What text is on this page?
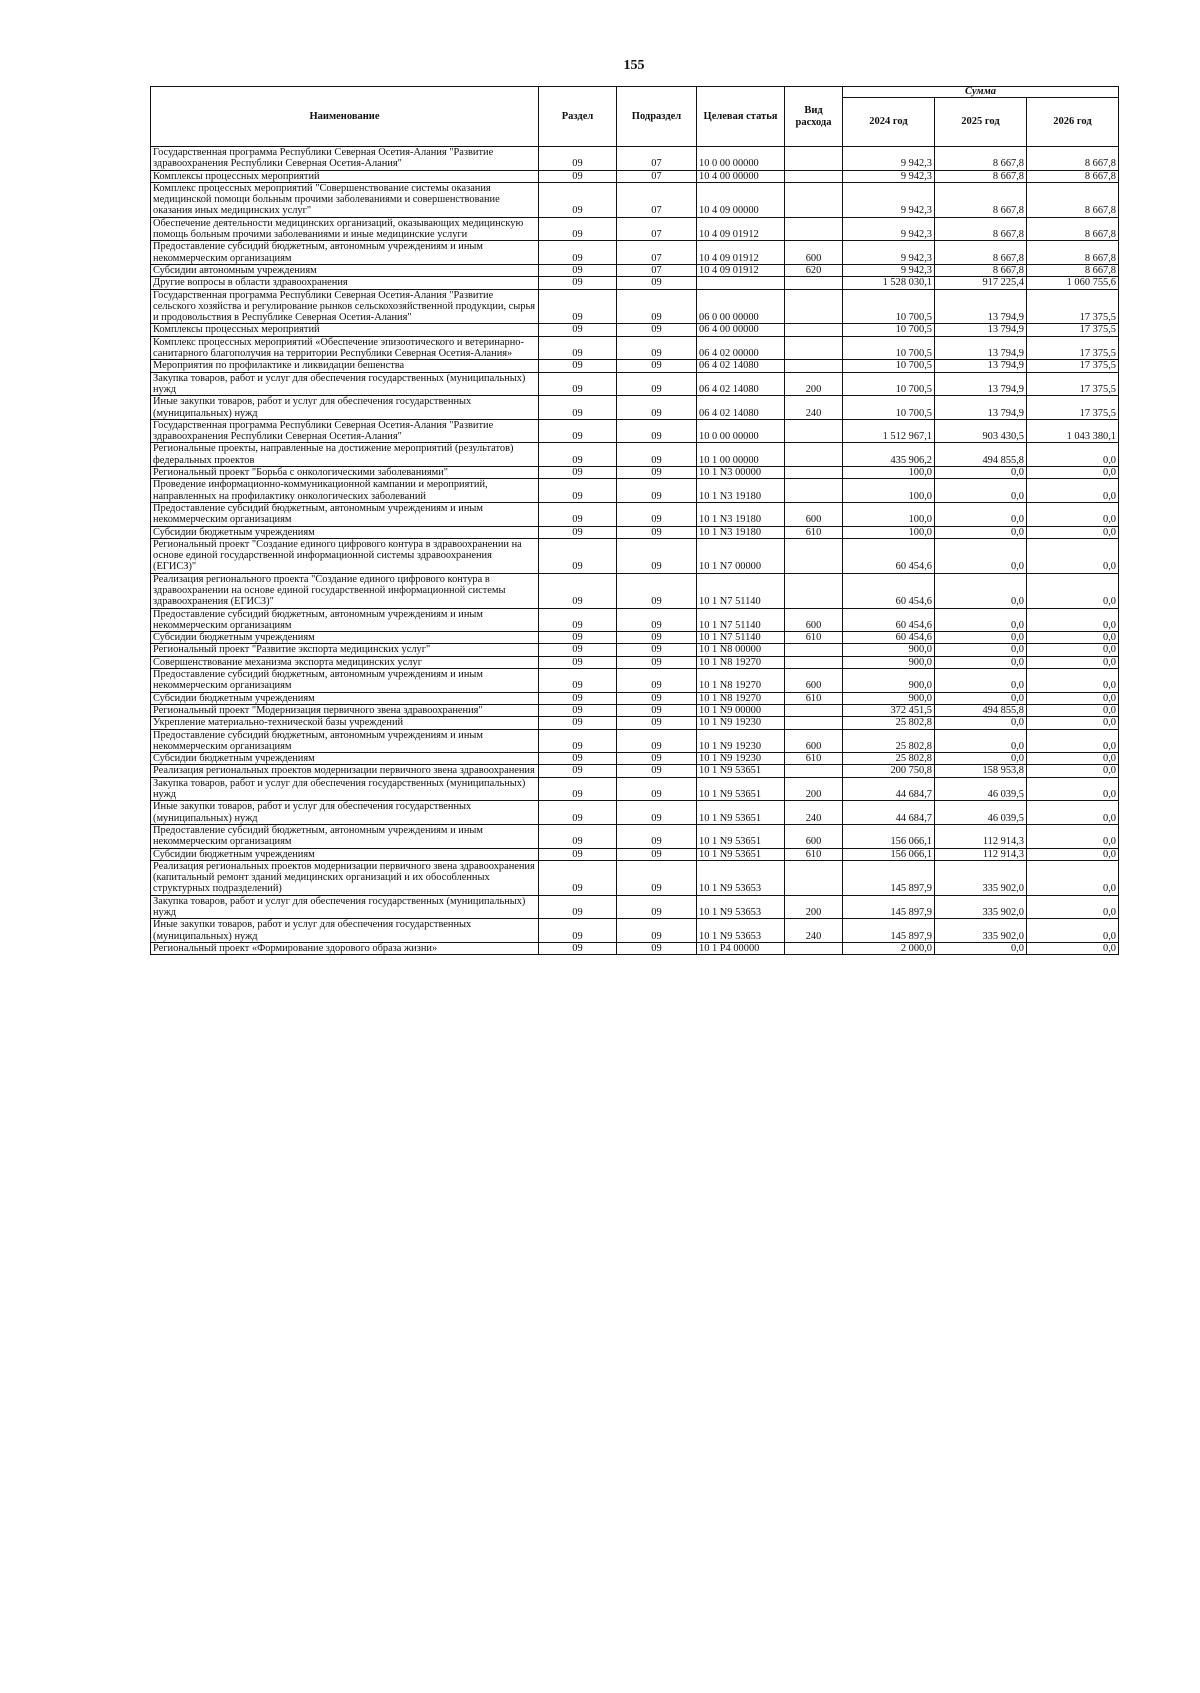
155
Наименование	Раздел	Подраздел	Целевая статья	Вид расхода	Сумма		
					2024 год	2025 год	2026 год
Государственная программа Республики Северная Осетия-Алания "Развитие здравоохранения Республики Северная Осетия-Алания"	09	07	10 0 00 00000		9 942,3	8 667,8	8 667,8
Комплексы процессных мероприятий	09	07	10 4 00 00000		9 942,3	8 667,8	8 667,8
Комплекс процессных мероприятий "Совершенствование системы оказания медицинской помощи больным прочими заболеваниями и совершенствование оказания иных медицинских услуг"	09	07	10 4 09 00000		9 942,3	8 667,8	8 667,8
Обеспечение деятельности медицинских организаций, оказывающих медицинскую помощь больным прочими заболеваниями и иные медицинские услуги	09	07	10 4 09 01912		9 942,3	8 667,8	8 667,8
Предоставление субсидий бюджетным, автономным учреждениям и иным некоммерческим организациям	09	07	10 4 09 01912	600	9 942,3	8 667,8	8 667,8
Субсидии автономным учреждениям	09	07	10 4 09 01912	620	9 942,3	8 667,8	8 667,8
Другие вопросы в области здравоохранения	09	09			1 528 030,1	917 225,4	1 060 755,6
Государственная программа Республики Северная Осетия-Алания "Развитие сельского хозяйства и регулирование рынков сельскохозяйственной продукции, сырья и продовольствия в Республике Северная Осетия-Алания"	09	09	06 0 00 00000		10 700,5	13 794,9	17 375,5
Комплексы процессных мероприятий	09	09	06 4 00 00000		10 700,5	13 794,9	17 375,5
Комплекс процессных мероприятий «Обеспечение эпизоотического и ветеринарно-санитарного благополучия на территории Республики Северная Осетия-Алания»	09	09	06 4 02 00000		10 700,5	13 794,9	17 375,5
Мероприятия по профилактике и ликвидации бешенства	09	09	06 4 02 14080		10 700,5	13 794,9	17 375,5
Закупка товаров, работ и услуг для обеспечения государственных (муниципальных) нужд	09	09	06 4 02 14080	200	10 700,5	13 794,9	17 375,5
Иные закупки товаров, работ и услуг для обеспечения государственных (муниципальных) нужд	09	09	06 4 02 14080	240	10 700,5	13 794,9	17 375,5
Государственная программа Республики Северная Осетия-Алания "Развитие здравоохранения Республики Северная Осетия-Алания"	09	09	10 0 00 00000		1 512 967,1	903 430,5	1 043 380,1
Региональные проекты, направленные на достижение мероприятий (результатов) федеральных проектов	09	09	10 1 00 00000		435 906,2	494 855,8	0,0
Региональный проект "Борьба с онкологическими заболеваниями"	09	09	10 1 N3 00000		100,0	0,0	0,0
Проведение информационно-коммуникационной кампании и мероприятий, направленных на профилактику онкологических заболеваний	09	09	10 1 N3 19180		100,0	0,0	0,0
Предоставление субсидий бюджетным, автономным учреждениям и иным некоммерческим организациям	09	09	10 1 N3 19180	600	100,0	0,0	0,0
Субсидии бюджетным учреждениям	09	09	10 1 N3 19180	610	100,0	0,0	0,0
Региональный проект "Создание единого цифрового контура в здравоохранении на основе единой государственной информационной системы здравоохранения (ЕГИСЗ)"	09	09	10 1 N7 00000		60 454,6	0,0	0,0
Реализация регионального проекта "Создание единого цифрового контура в здравоохранении на основе единой государственной информационной системы здравоохранения (ЕГИСЗ)"	09	09	10 1 N7 51140		60 454,6	0,0	0,0
Предоставление субсидий бюджетным, автономным учреждениям и иным некоммерческим организациям	09	09	10 1 N7 51140	600	60 454,6	0,0	0,0
Субсидии бюджетным учреждениям	09	09	10 1 N7 51140	610	60 454,6	0,0	0,0
Региональный проект "Развитие экспорта медицинских услуг"	09	09	10 1 N8 00000		900,0	0,0	0,0
Совершенствование механизма экспорта медицинских услуг	09	09	10 1 N8 19270		900,0	0,0	0,0
Предоставление субсидий бюджетным, автономным учреждениям и иным некоммерческим организациям	09	09	10 1 N8 19270	600	900,0	0,0	0,0
Субсидии бюджетным учреждениям	09	09	10 1 N8 19270	610	900,0	0,0	0,0
Региональный проект "Модернизация первичного звена здравоохранения"	09	09	10 1 N9 00000		372 451,5	494 855,8	0,0
Укрепление материально-технической базы учреждений	09	09	10 1 N9 19230		25 802,8	0,0	0,0
Предоставление субсидий бюджетным, автономным учреждениям и иным некоммерческим организациям	09	09	10 1 N9 19230	600	25 802,8	0,0	0,0
Субсидии бюджетным учреждениям	09	09	10 1 N9 19230	610	25 802,8	0,0	0,0
Реализация региональных проектов модернизации первичного звена здравоохранения	09	09	10 1 N9 53651		200 750,8	158 953,8	0,0
Закупка товаров, работ и услуг для обеспечения государственных (муниципальных) нужд	09	09	10 1 N9 53651	200	44 684,7	46 039,5	0,0
Иные закупки товаров, работ и услуг для обеспечения государственных (муниципальных) нужд	09	09	10 1 N9 53651	240	44 684,7	46 039,5	0,0
Предоставление субсидий бюджетным, автономным учреждениям и иным некоммерческим организациям	09	09	10 1 N9 53651	600	156 066,1	112 914,3	0,0
Субсидии бюджетным учреждениям	09	09	10 1 N9 53651	610	156 066,1	112 914,3	0,0
Реализация региональных проектов модернизации первичного звена здравоохранения (капитальный ремонт зданий медицинских организаций и их обособленных структурных подразделений)	09	09	10 1 N9 53653		145 897,9	335 902,0	0,0
Закупка товаров, работ и услуг для обеспечения государственных (муниципальных) нужд	09	09	10 1 N9 53653	200	145 897,9	335 902,0	0,0
Иные закупки товаров, работ и услуг для обеспечения государственных (муниципальных) нужд	09	09	10 1 N9 53653	240	145 897,9	335 902,0	0,0
Региональный проект «Формирование здорового образа жизни»	09	09	10 1 P4 00000		2 000,0	0,0	0,0
